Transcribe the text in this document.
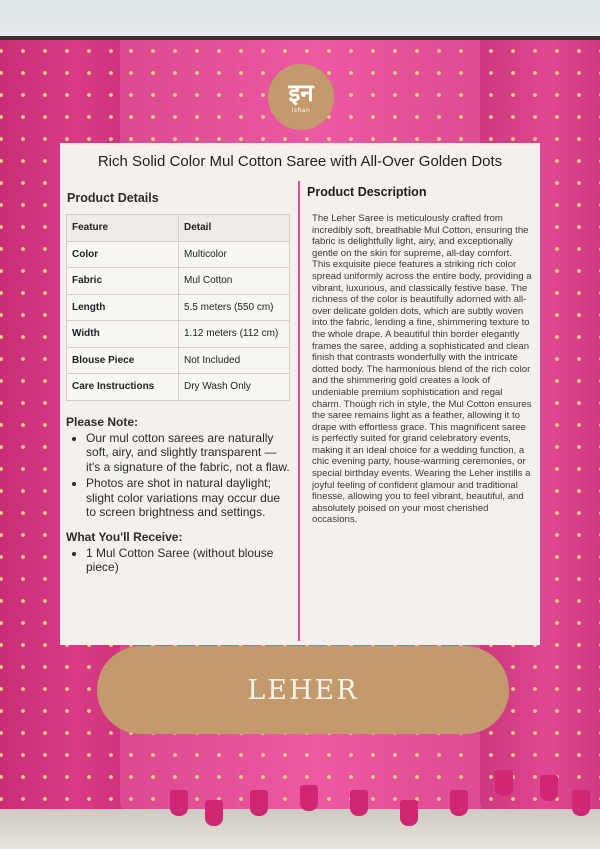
इन
ishan
Rich Solid Color Mul Cotton Saree with All-Over Golden Dots
Product Details
Feature	Detail
Color	Multicolor
Fabric	Mul Cotton
Length	5.5 meters (550 cm)
Width	1.12 meters (112 cm)
Blouse Piece	Not Included
Care Instructions	Dry Wash Only
Please Note:
• Our mul cotton sarees are naturally soft, airy, and slightly transparent — it's a signature of the fabric, not a flaw.
• Photos are shot in natural daylight; slight color variations may occur due to screen brightness and settings.
What You'll Receive:
• 1 Mul Cotton Saree (without blouse piece)
Product Description
The Leher Saree is meticulously crafted from incredibly soft, breathable Mul Cotton, ensuring the fabric is delightfully light, airy, and exceptionally gentle on the skin for supreme, all-day comfort. This exquisite piece features a striking rich color spread uniformly across the entire body, providing a vibrant, luxurious, and classically festive base. The richness of the color is beautifully adorned with all-over delicate golden dots, which are subtly woven into the fabric, lending a fine, shimmering texture to the whole drape. A beautiful thin border elegantly frames the saree, adding a sophisticated and clean finish that contrasts wonderfully with the intricate dotted body. The harmonious blend of the rich color and the shimmering gold creates a look of undeniable premium sophistication and regal charm. Though rich in style, the Mul Cotton ensures the saree remains light as a feather, allowing it to drape with effortless grace. This magnificent saree is perfectly suited for grand celebratory events, making it an ideal choice for a wedding function, a chic evening party, house-warming ceremonies, or special birthday events. Wearing the Leher instills a joyful feeling of confident glamour and traditional finesse, allowing you to feel vibrant, beautiful, and absolutely poised on your most cherished occasions.
LEHER
